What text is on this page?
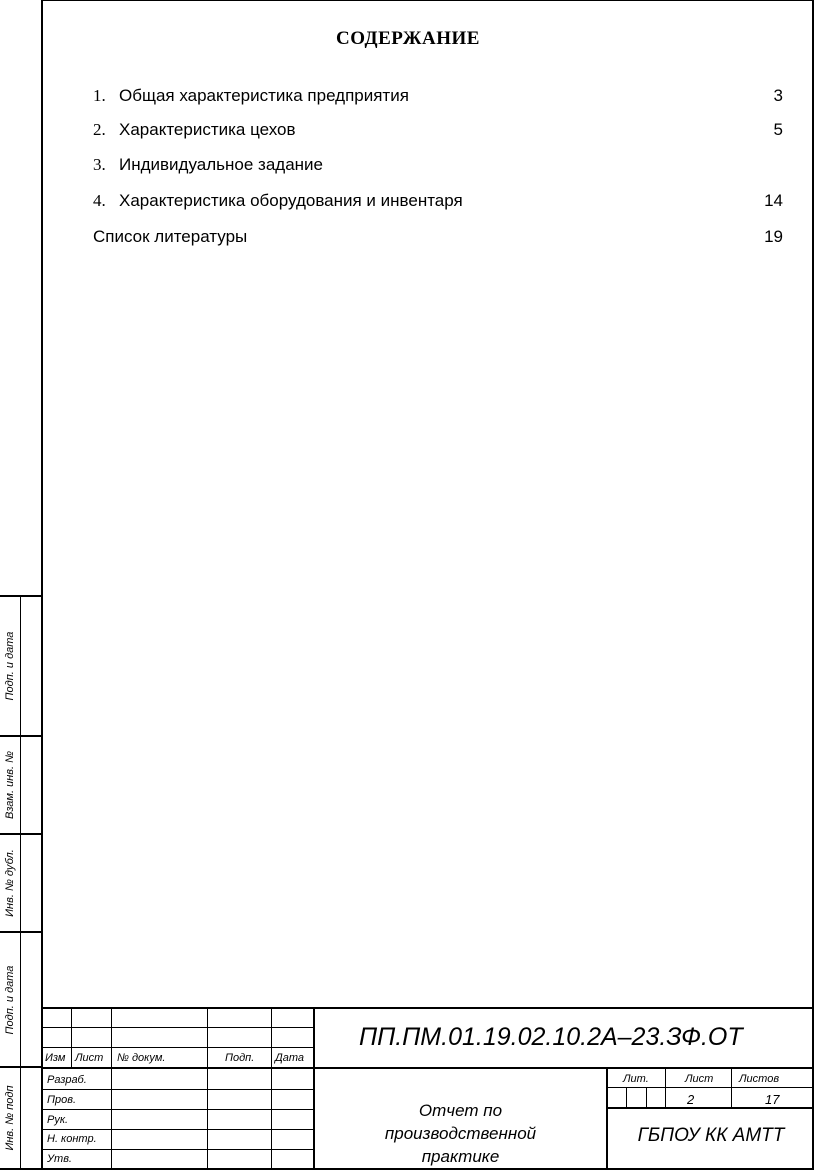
Подп. и дата
Взам. инв. №
Инв. № дубл.
Подп. и дата
Инв. № подп
СОДЕРЖАНИЕ
1. Общая характеристика предприятия	3
2. Характеристика цехов	5
3. Индивидуальное задание
4. Характеристика оборудования и инвентаря	14
Список литературы	19
ПП.ПМ.01.19.02.10.2А–23.ЗФ.ОТ
Изм Лист № докум.	Подп. Дата
Разраб.
Пров.
Рук.
Н. контр.
Утв.
Отчет по
производственной
практике
Лит.	Лист Листов
2	17
ГБПОУ КК АМТТ
